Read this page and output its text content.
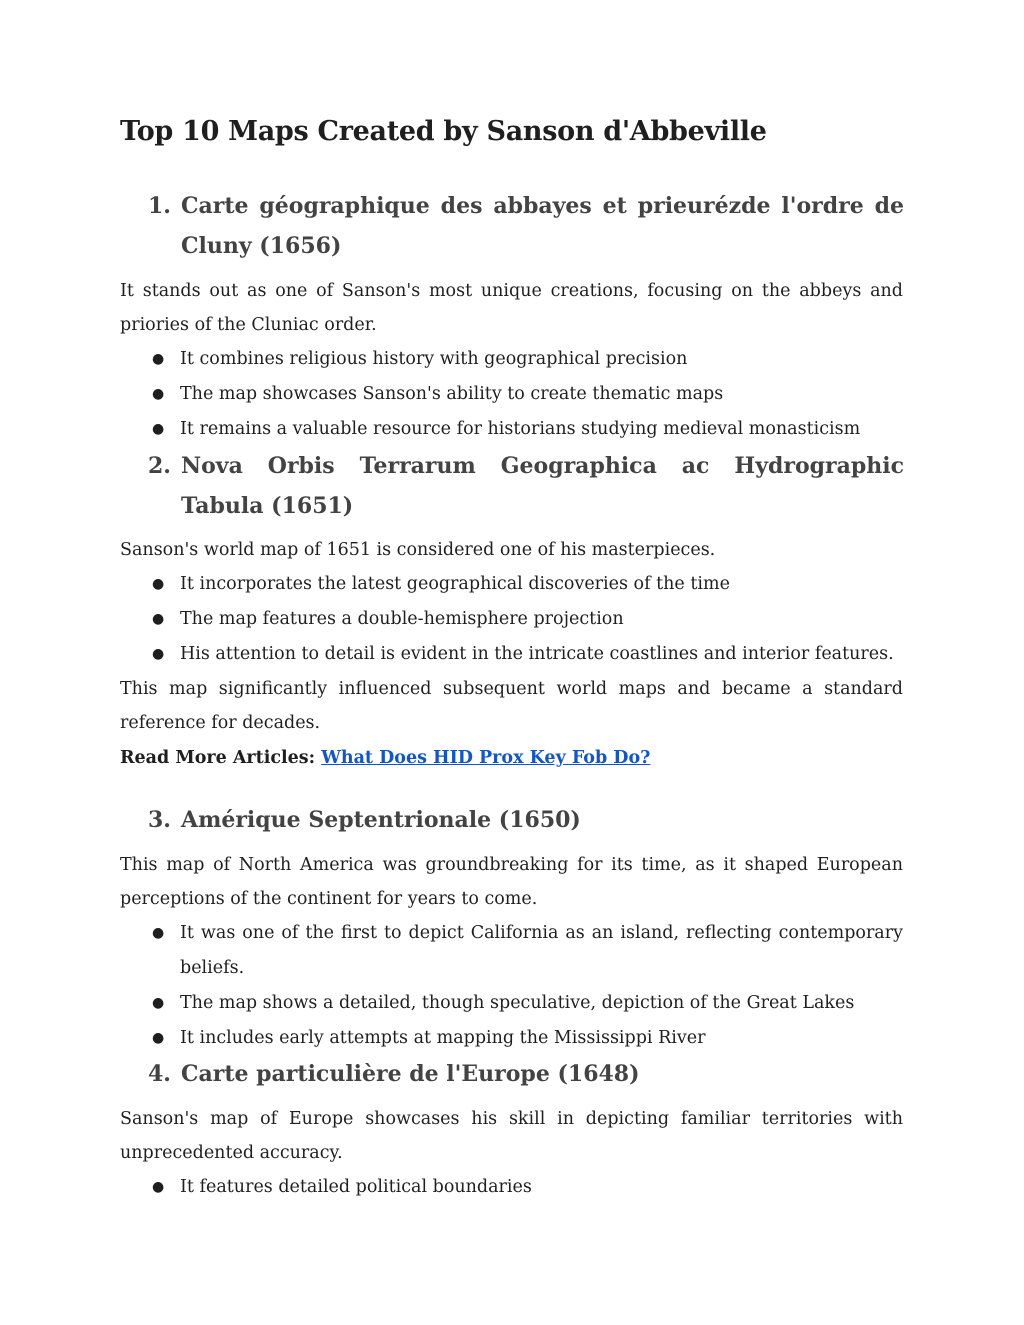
Top 10 Maps Created by Sanson d'Abbeville
1. Carte géographique des abbayes et prieurézde l'ordre de Cluny (1656)

It stands out as one of Sanson's most unique creations, focusing on the abbeys and priories of the Cluniac order.

● It combines religious history with geographical precision
● The map showcases Sanson's ability to create thematic maps
● It remains a valuable resource for historians studying medieval monasticism
2. Nova Orbis Terrarum Geographica ac Hydrographic Tabula (1651)

Sanson's world map of 1651 is considered one of his masterpieces.

● It incorporates the latest geographical discoveries of the time
● The map features a double-hemisphere projection
● His attention to detail is evident in the intricate coastlines and interior features.

This map significantly influenced subsequent world maps and became a standard reference for decades.

Read More Articles: What Does HID Prox Key Fob Do?

3. Amérique Septentrionale (1650)

This map of North America was groundbreaking for its time, as it shaped European perceptions of the continent for years to come.

● It was one of the first to depict California as an island, reflecting contemporary beliefs.
● The map shows a detailed, though speculative, depiction of the Great Lakes
● It includes early attempts at mapping the Mississippi River
4. Carte particulière de l'Europe (1648)

Sanson's map of Europe showcases his skill in depicting familiar territories with unprecedented accuracy.

● It features detailed political boundaries
